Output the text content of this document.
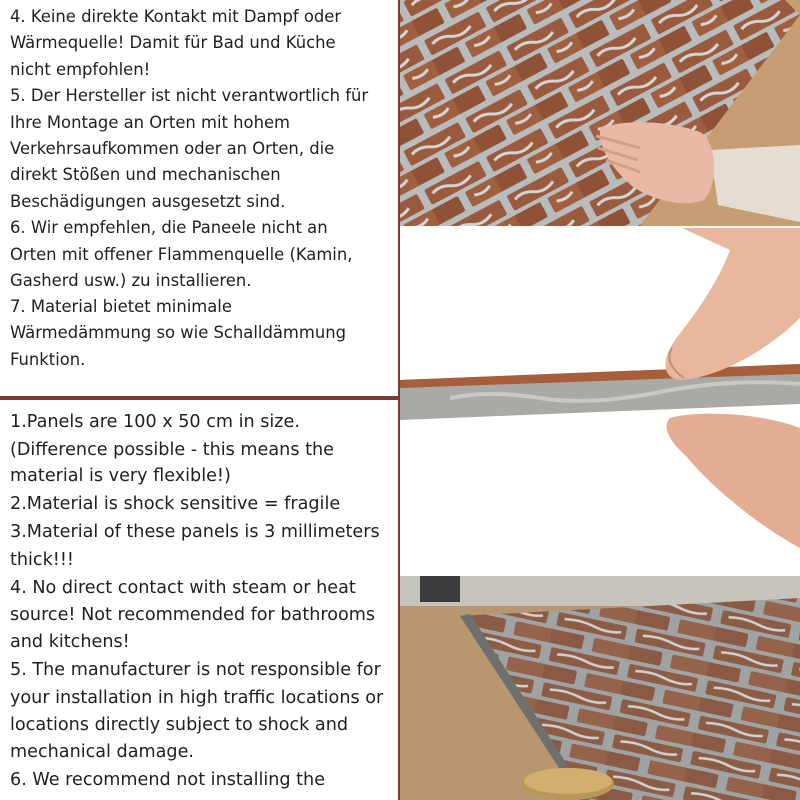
4. Keine direkte Kontakt mit Dampf oder
Wärmequelle! Damit für Bad und Küche
nicht empfohlen!
5. Der Hersteller ist nicht verantwortlich für
Ihre Montage an Orten mit hohem
Verkehrsaufkommen oder an Orten, die
direkt Stößen und mechanischen
Beschädigungen ausgesetzt sind.
6. Wir empfehlen, die Paneele nicht an
Orten mit offener Flammenquelle (Kamin,
Gasherd usw.) zu installieren.
7. Material bietet minimale
Wärmedämmung so wie Schalldämmung
Funktion.
1.Panels are 100 x 50 cm in size.
(Difference possible - this means the
material is very flexible!)
2.Material is shock sensitive = fragile
3.Material of these panels is 3 millimeters
thick!!!
4. No direct contact with steam or heat
source! Not recommended for bathrooms
and kitchens!
5. The manufacturer is not responsible for
your installation in high traffic locations or
locations directly subject to shock and
mechanical damage.
6. We recommend not installing the
